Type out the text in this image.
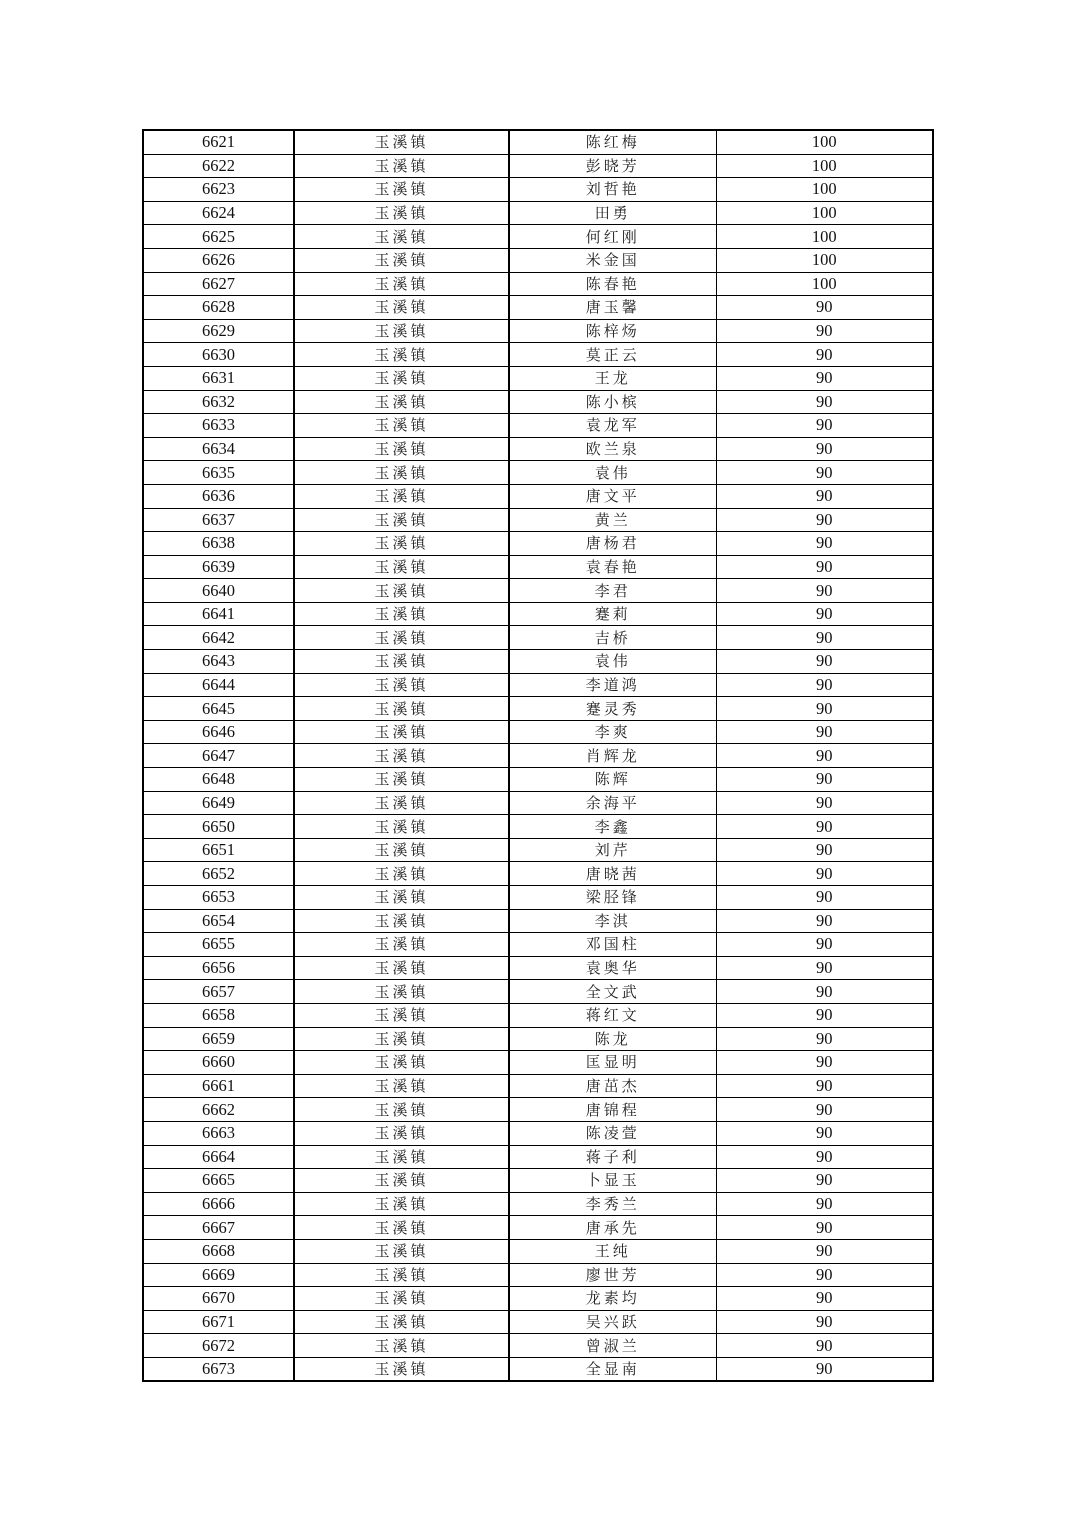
6621	玉溪镇	陈红梅	100
6622	玉溪镇	彭晓芳	100
6623	玉溪镇	刘哲艳	100
6624	玉溪镇	田勇	100
6625	玉溪镇	何红刚	100
6626	玉溪镇	米金国	100
6627	玉溪镇	陈春艳	100
6628	玉溪镇	唐玉馨	90
6629	玉溪镇	陈梓炀	90
6630	玉溪镇	莫正云	90
6631	玉溪镇	王龙	90
6632	玉溪镇	陈小槟	90
6633	玉溪镇	袁龙军	90
6634	玉溪镇	欧兰泉	90
6635	玉溪镇	袁伟	90
6636	玉溪镇	唐文平	90
6637	玉溪镇	黄兰	90
6638	玉溪镇	唐杨君	90
6639	玉溪镇	袁春艳	90
6640	玉溪镇	李君	90
6641	玉溪镇	蹇莉	90
6642	玉溪镇	吉桥	90
6643	玉溪镇	袁伟	90
6644	玉溪镇	李道鸿	90
6645	玉溪镇	蹇灵秀	90
6646	玉溪镇	李爽	90
6647	玉溪镇	肖辉龙	90
6648	玉溪镇	陈辉	90
6649	玉溪镇	余海平	90
6650	玉溪镇	李鑫	90
6651	玉溪镇	刘芹	90
6652	玉溪镇	唐晓茜	90
6653	玉溪镇	梁胫锋	90
6654	玉溪镇	李淇	90
6655	玉溪镇	邓国柱	90
6656	玉溪镇	袁奥华	90
6657	玉溪镇	全文武	90
6658	玉溪镇	蒋红文	90
6659	玉溪镇	陈龙	90
6660	玉溪镇	匡显明	90
6661	玉溪镇	唐茁杰	90
6662	玉溪镇	唐锦程	90
6663	玉溪镇	陈凌萱	90
6664	玉溪镇	蒋子利	90
6665	玉溪镇	卜显玉	90
6666	玉溪镇	李秀兰	90
6667	玉溪镇	唐承先	90
6668	玉溪镇	王纯	90
6669	玉溪镇	廖世芳	90
6670	玉溪镇	龙素均	90
6671	玉溪镇	吴兴跃	90
6672	玉溪镇	曾淑兰	90
6673	玉溪镇	全显南	90
